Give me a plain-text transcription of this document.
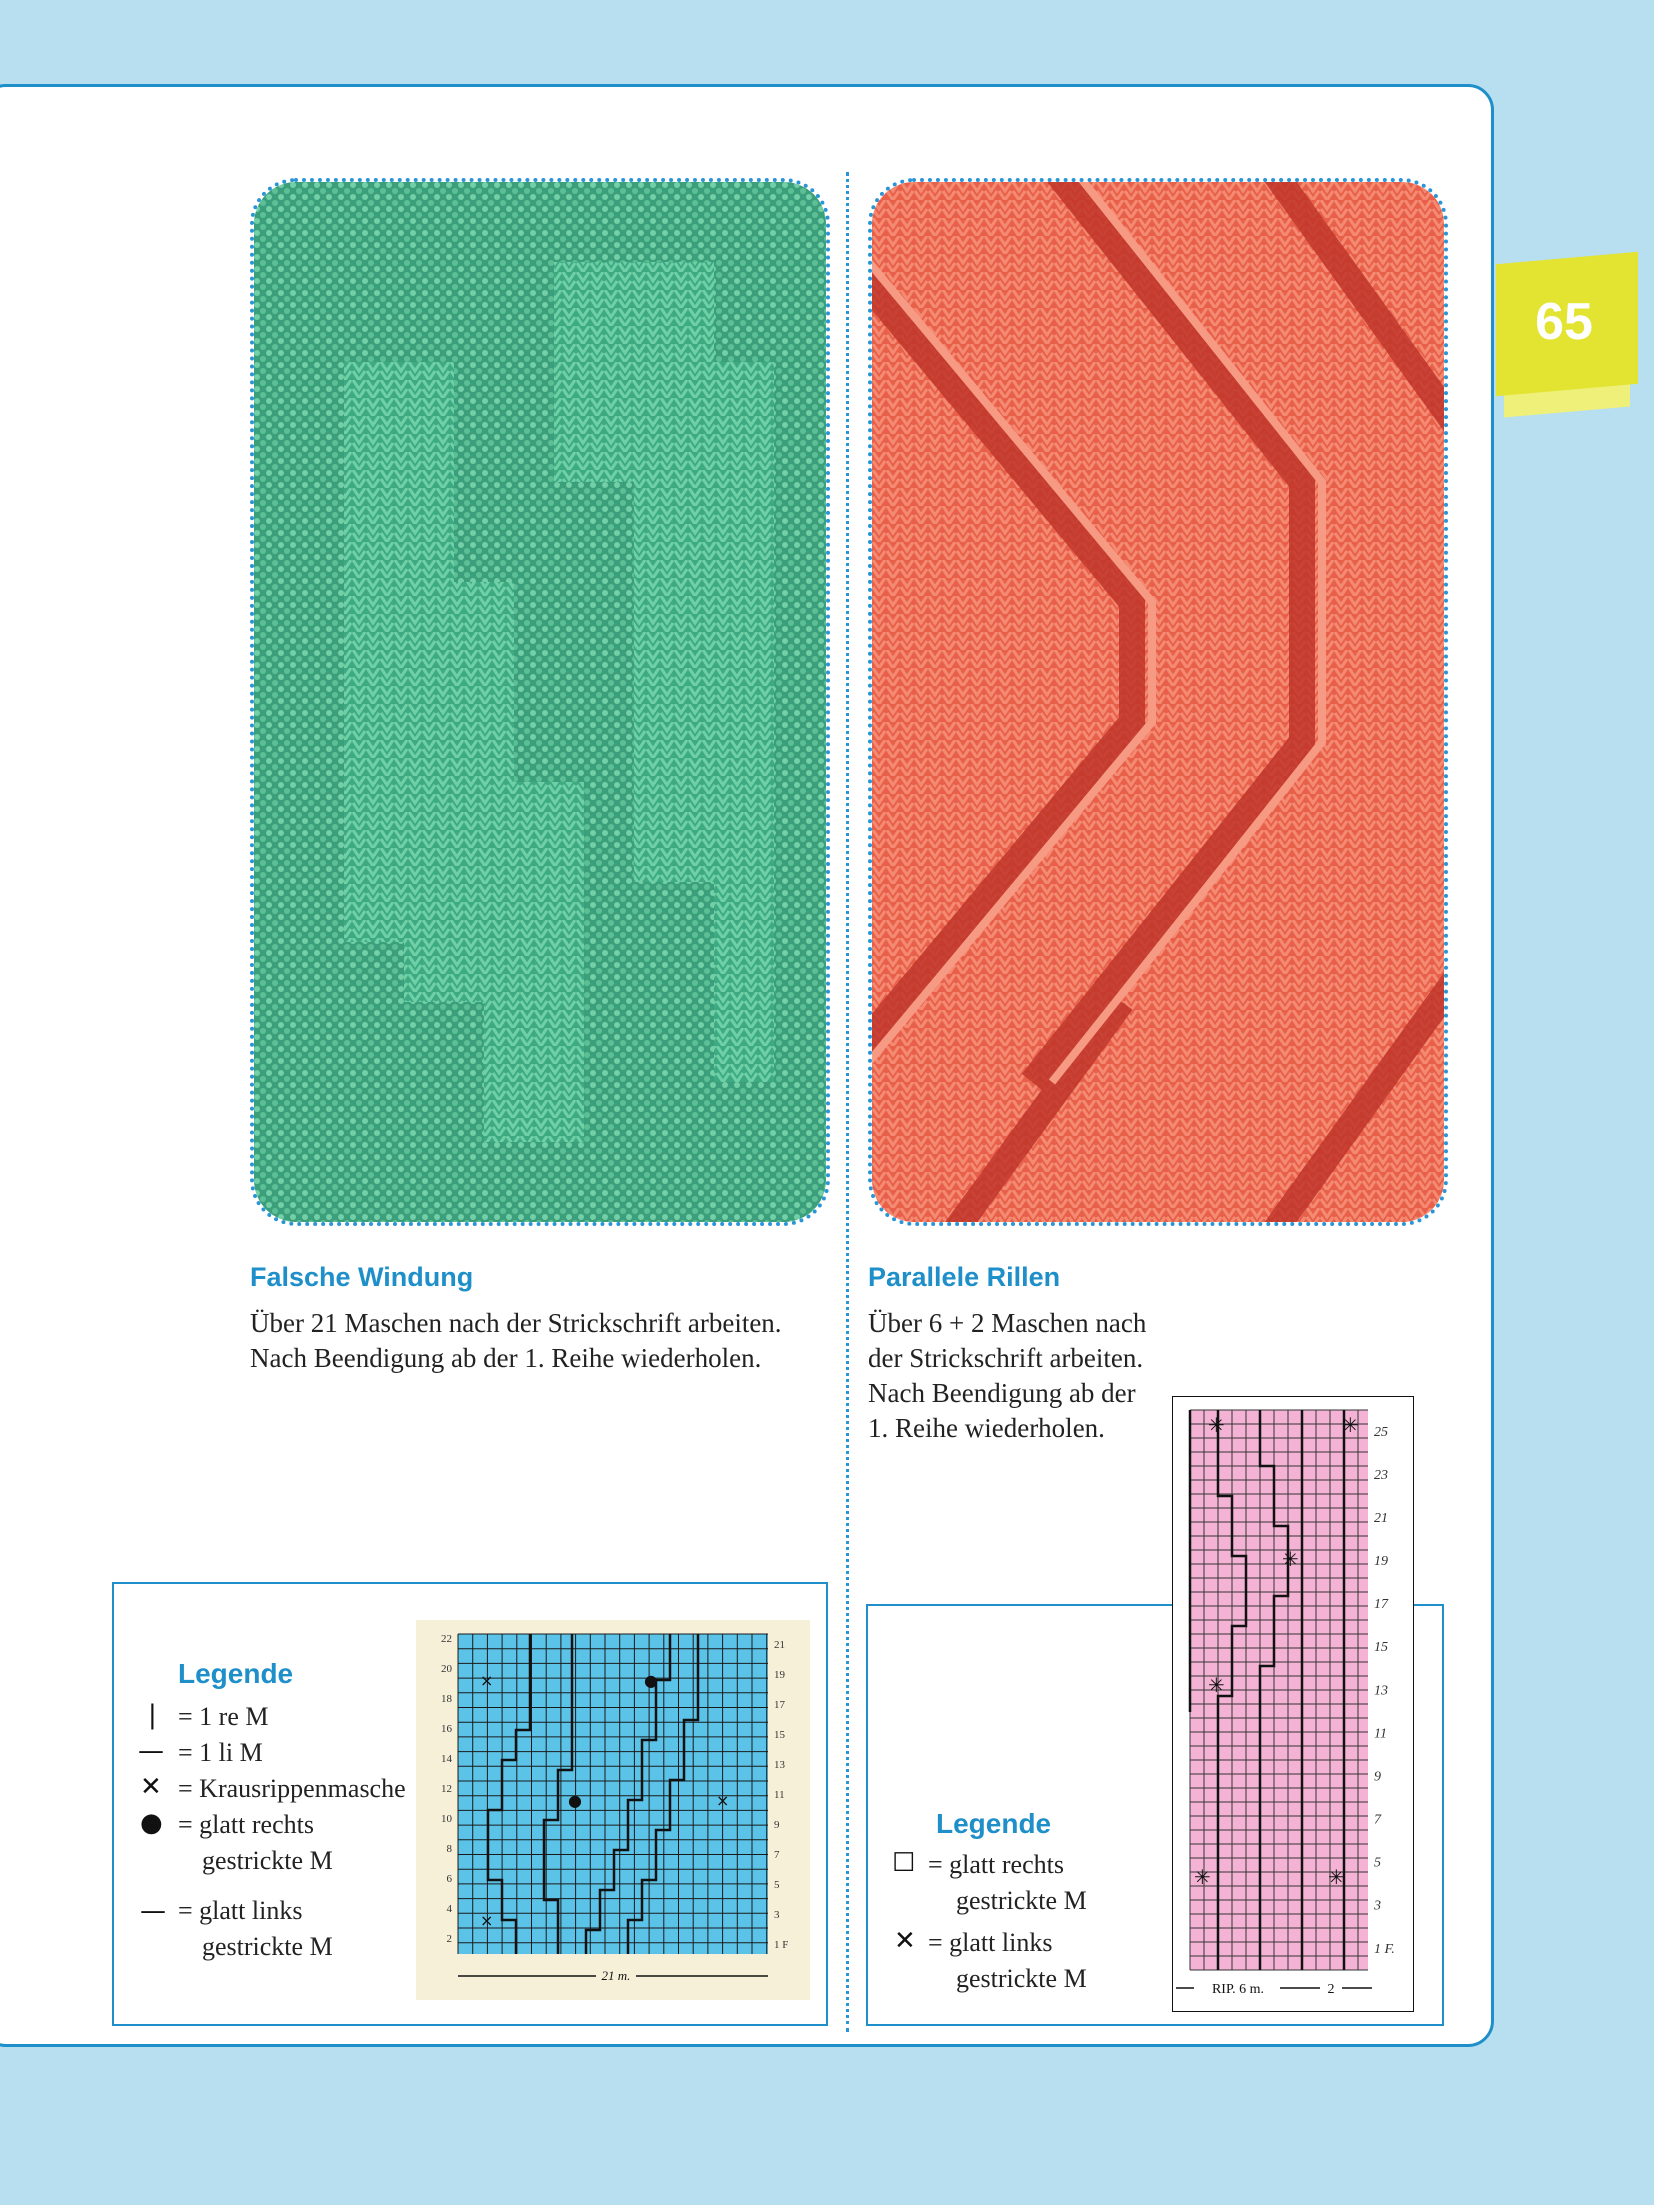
65
Falsche Windung
Über 21 Maschen nach der Strickschrift arbeiten.
Nach Beendigung ab der 1. Reihe wiederholen.
Parallele Rillen
Über 6 + 2 Maschen nach
der Strickschrift arbeiten.
Nach Beendigung ab der
1. Reihe wiederholen.
Legende
| = 1 re M
— = 1 li M
✕ = Krausrippenmasche
● = glatt rechts
gestrickte M
— = glatt links
gestrickte M
22
20
18
16
14
12
10
8
6
4
2
21
19
17
15
13
11
9
7
5
3
1 F
×
×
×
●
●
21 m.
Legende
☐ = glatt rechts
gestrickte M
✕ = glatt links
gestrickte M
✳	✳
✳
✳
✳	✳
25
23
21
19
17
15
13
11
9
7
5
3
1 F.
RIP. 6 m.	2
